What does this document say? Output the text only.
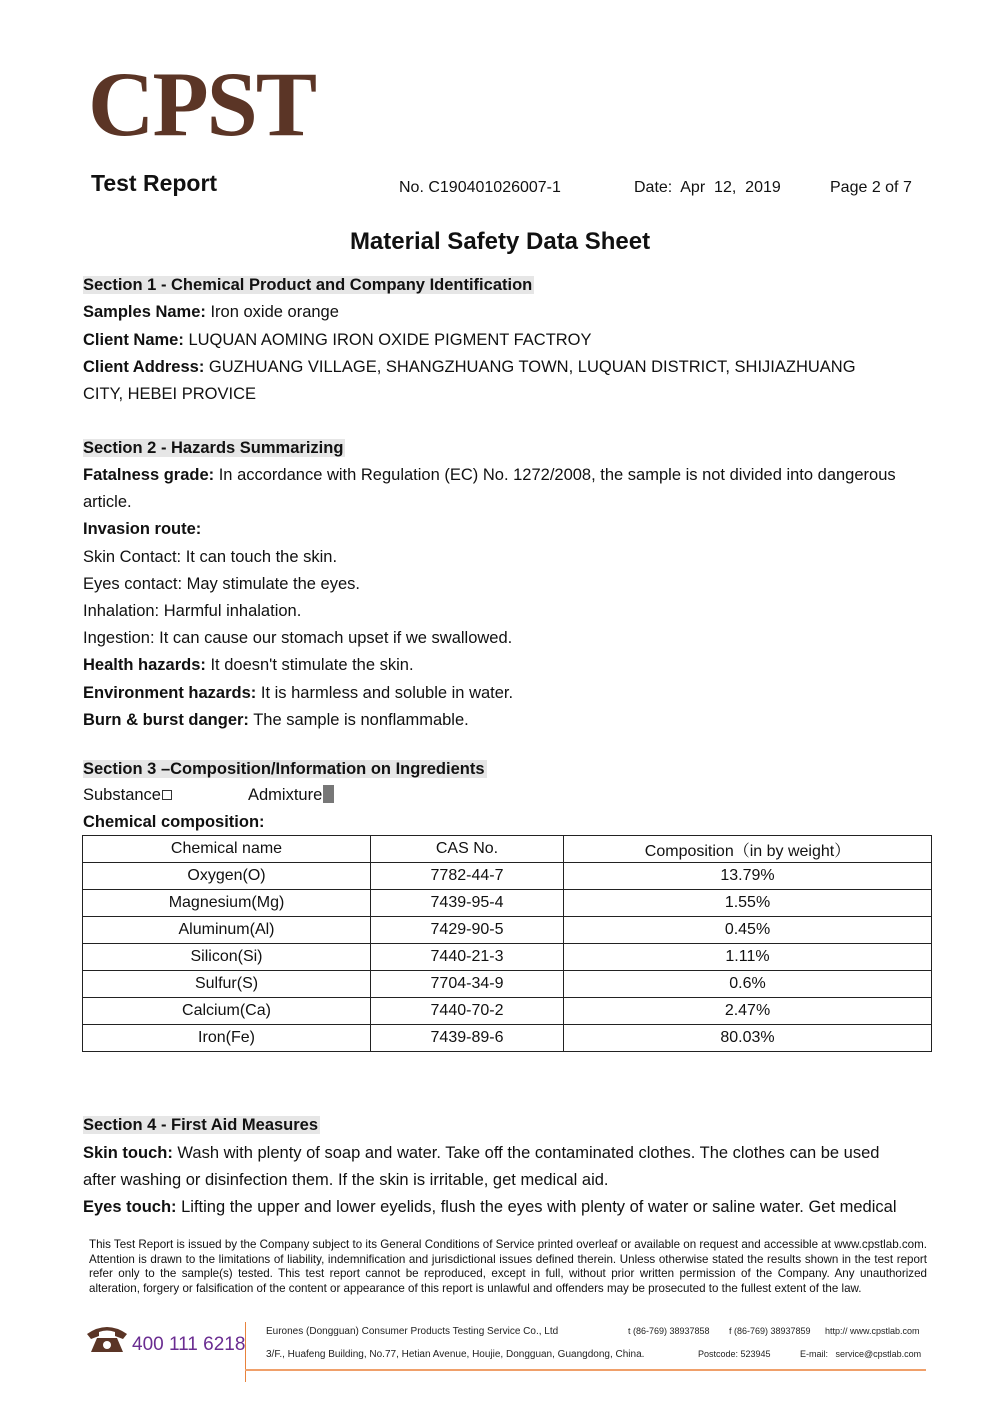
CPST
Test Report	No. C190401026007-1	Date:  Apr  12,  2019	Page 2 of 7
Material Safety Data Sheet
Section 1 - Chemical Product and Company Identification
Samples Name: Iron oxide orange
Client Name: LUQUAN AOMING IRON OXIDE PIGMENT FACTROY
Client Address: GUZHUANG VILLAGE, SHANGZHUANG TOWN, LUQUAN DISTRICT, SHIJIAZHUANG
CITY, HEBEI PROVICE
Section 2 - Hazards Summarizing
Fatalness grade: In accordance with Regulation (EC) No. 1272/2008, the sample is not divided into dangerous
article.
Invasion route:
Skin Contact: It can touch the skin.
Eyes contact: May stimulate the eyes.
Inhalation: Harmful inhalation.
Ingestion: It can cause our stomach upset if we swallowed.
Health hazards: It doesn't stimulate the skin.
Environment hazards: It is harmless and soluble in water.
Burn & burst danger: The sample is nonflammable.
Section 3 –Composition/Information on Ingredients
Substance	Admixture
Chemical composition:
Chemical name	CAS No.	Composition（in by weight）
Oxygen(O)	7782-44-7	13.79%
Magnesium(Mg)	7439-95-4	1.55%
Aluminum(Al)	7429-90-5	0.45%
Silicon(Si)	7440-21-3	1.11%
Sulfur(S)	7704-34-9	0.6%
Calcium(Ca)	7440-70-2	2.47%
Iron(Fe)	7439-89-6	80.03%
Section 4 - First Aid Measures
Skin touch: Wash with plenty of soap and water. Take off the contaminated clothes. The clothes can be used
after washing or disinfection them. If the skin is irritable, get medical aid.
Eyes touch: Lifting the upper and lower eyelids, flush the eyes with plenty of water or saline water. Get medical
This Test Report is issued by the Company subject to its General Conditions of Service printed overleaf or available on request and accessible at www.cpstlab.com. Attention is drawn to the limitations of liability, indemnification and jurisdictional issues defined therein. Unless otherwise stated the results shown in the test report refer only to the sample(s) tested. This test report cannot be reproduced, except in full, without prior written permission of the Company. Any unauthorized alteration, forgery or falsification of the content or appearance of this report is unlawful and offenders may be prosecuted to the fullest extent of the law.
400 111 6218
Eurones (Dongguan) Consumer Products Testing Service Co., Ltd	t (86-769) 38937858 f (86-769) 38937859 http:// www.cpstlab.com
3/F., Huafeng Building, No.77, Hetian Avenue, Houjie, Dongguan, Guangdong, China.	Postcode: 523945	E-mail:   service@cpstlab.com
